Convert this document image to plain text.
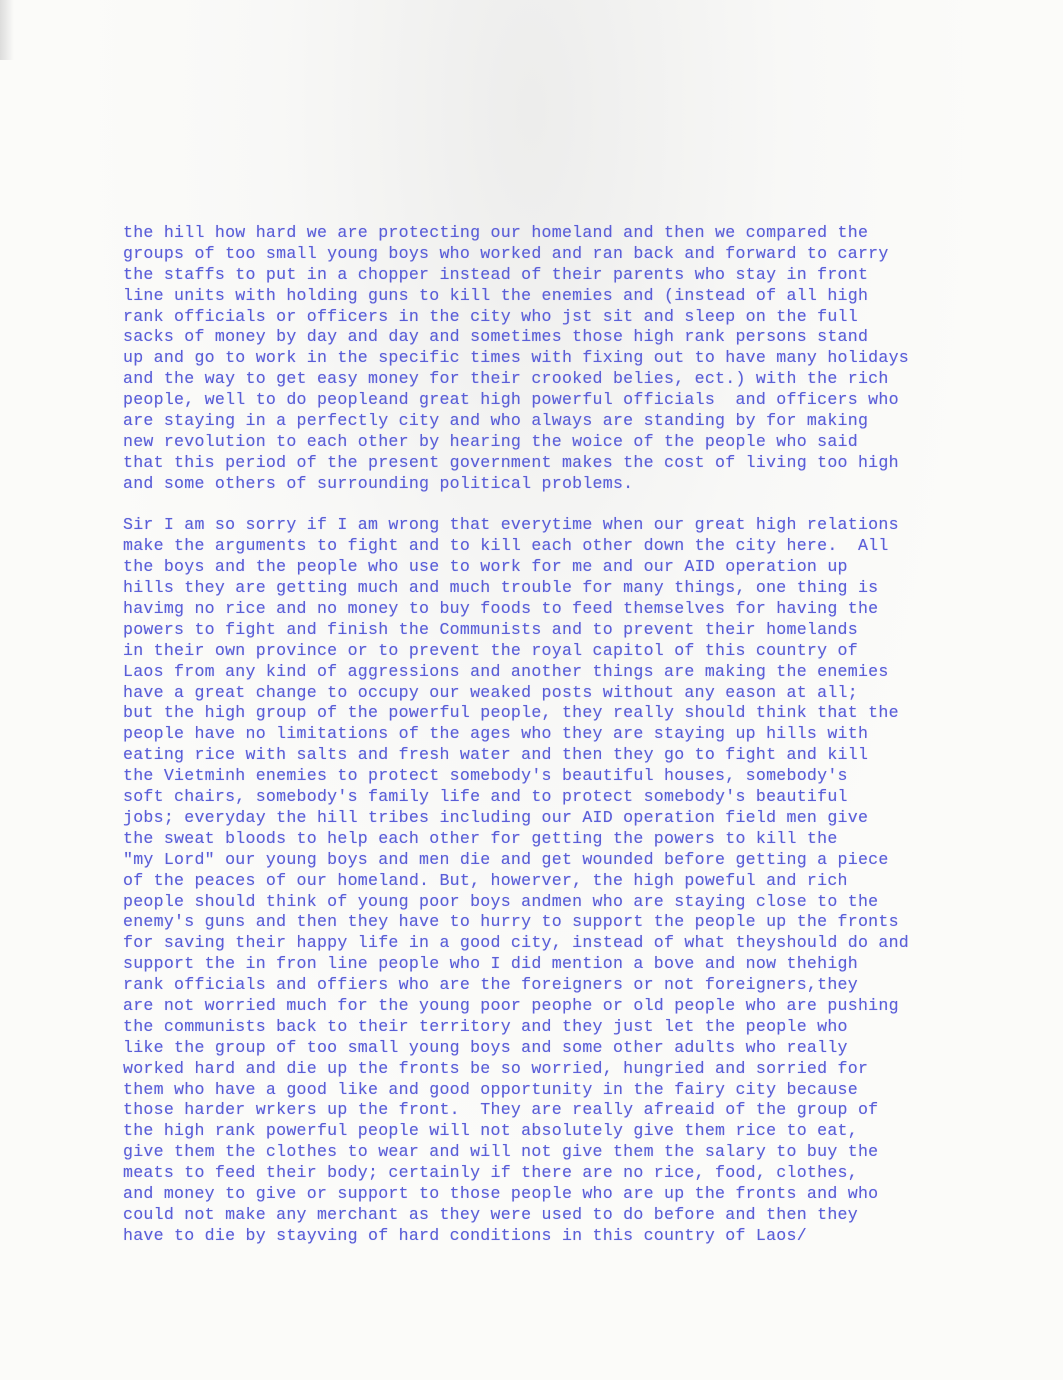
the hill how hard we are protecting our homeland and then we compared the
groups of too small young boys who worked and ran back and forward to carry
the staffs to put in a chopper instead of their parents who stay in front
line units with holding guns to kill the enemies and (instead of all high
rank officials or officers in the city who jst sit and sleep on the full
sacks of money by day and day and sometimes those high rank persons stand
up and go to work in the specific times with fixing out to have many holidays
and the way to get easy money for their crooked belies, ect.) with the rich
people, well to do peopleand great high powerful officials  and officers who
are staying in a perfectly city and who always are standing by for making
new revolution to each other by hearing the woice of the people who said
that this period of the present government makes the cost of living too high
and some others of surrounding political problems.
Sir I am so sorry if I am wrong that everytime when our great high relations
make the arguments to fight and to kill each other down the city here.  All
the boys and the people who use to work for me and our AID operation up
hills they are getting much and much trouble for many things, one thing is
havimg no rice and no money to buy foods to feed themselves for having the
powers to fight and finish the Communists and to prevent their homelands
in their own province or to prevent the royal capitol of this country of
Laos from any kind of aggressions and another things are making the enemies
have a great change to occupy our weaked posts without any eason at all;
but the high group of the powerful people, they really should think that the
people have no limitations of the ages who they are staying up hills with
eating rice with salts and fresh water and then they go to fight and kill
the Vietminh enemies to protect somebody's beautiful houses, somebody's
soft chairs, somebody's family life and to protect somebody's beautiful
jobs; everyday the hill tribes including our AID operation field men give
the sweat bloods to help each other for getting the powers to kill the
"my Lord" our young boys and men die and get wounded before getting a piece
of the peaces of our homeland. But, howerver, the high poweful and rich
people should think of young poor boys andmen who are staying close to the
enemy's guns and then they have to hurry to support the people up the fronts
for saving their happy life in a good city, instead of what theyshould do and
support the in fron line people who I did mention a bove and now thehigh
rank officials and offiers who are the foreigners or not foreigners,they
are not worried much for the young poor peophe or old people who are pushing
the communists back to their territory and they just let the people who
like the group of too small young boys and some other adults who really
worked hard and die up the fronts be so worried, hungried and sorried for
them who have a good like and good opportunity in the fairy city because
those harder wrkers up the front.  They are really afreaid of the group of
the high rank powerful people will not absolutely give them rice to eat,
give them the clothes to wear and will not give them the salary to buy the
meats to feed their body; certainly if there are no rice, food, clothes,
and money to give or support to those people who are up the fronts and who
could not make any merchant as they were used to do before and then they
have to die by stayving of hard conditions in this country of Laos/
